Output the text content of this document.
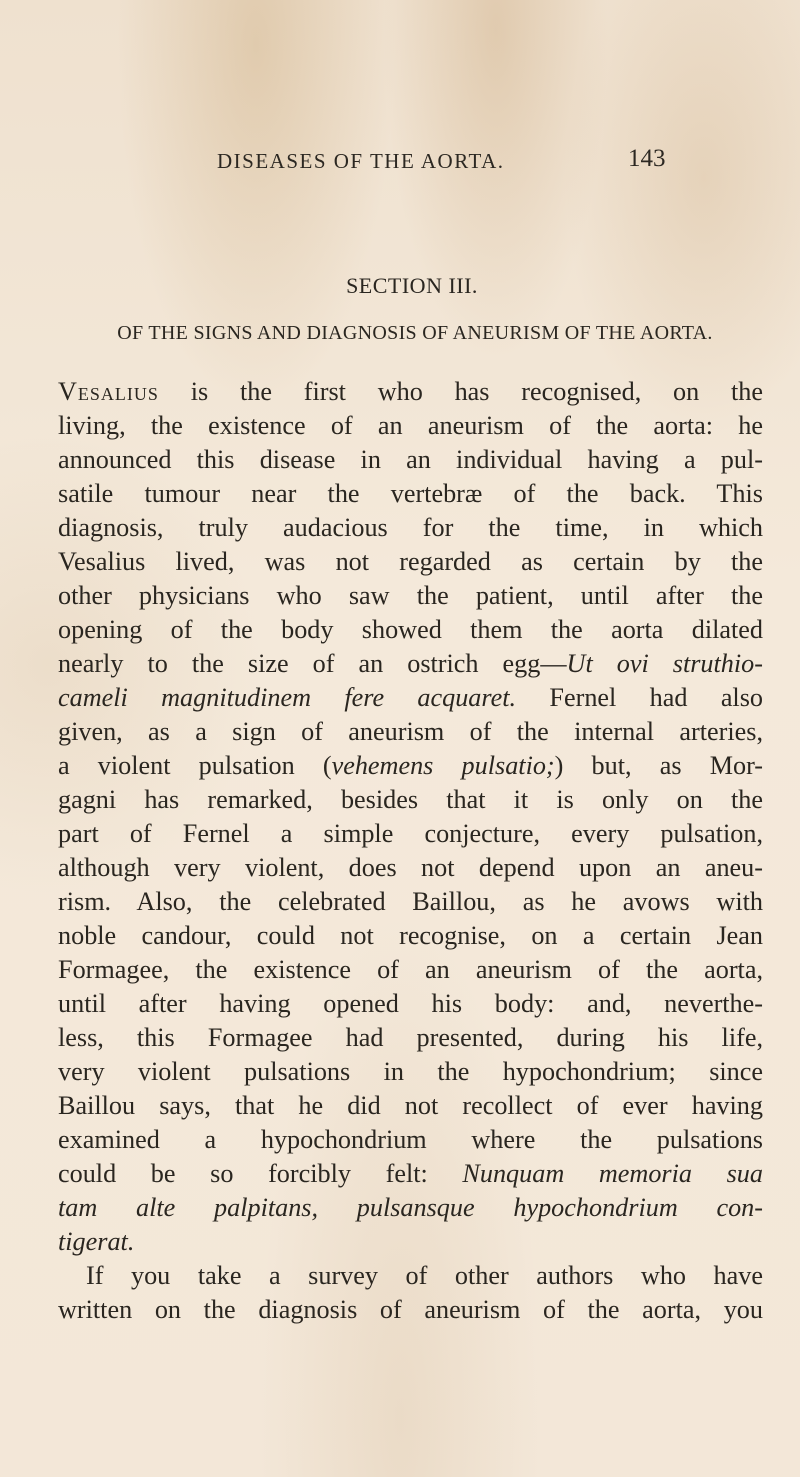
DISEASES OF THE AORTA.	143
SECTION III.
OF THE SIGNS AND DIAGNOSIS OF ANEURISM OF THE AORTA.
Vesalius is the first who has recognised, on the
living, the existence of an aneurism of the aorta: he
announced this disease in an individual having a pul-
satile tumour near the vertebræ of the back. This
diagnosis, truly audacious for the time, in which
Vesalius lived, was not regarded as certain by the
other physicians who saw the patient, until after the
opening of the body showed them the aorta dilated
nearly to the size of an ostrich egg—Ut ovi struthio-
cameli magnitudinem fere acquaret. Fernel had also
given, as a sign of aneurism of the internal arteries,
a violent pulsation (vehemens pulsatio;) but, as Mor-
gagni has remarked, besides that it is only on the
part of Fernel a simple conjecture, every pulsation,
although very violent, does not depend upon an aneu-
rism. Also, the celebrated Baillou, as he avows with
noble candour, could not recognise, on a certain Jean
Formagee, the existence of an aneurism of the aorta,
until after having opened his body: and, neverthe-
less, this Formagee had presented, during his life,
very violent pulsations in the hypochondrium; since
Baillou says, that he did not recollect of ever having
examined a hypochondrium where the pulsations
could be so forcibly felt: Nunquam memoria sua
tam alte palpitans, pulsansque hypochondrium con-
tigerat.
If you take a survey of other authors who have
written on the diagnosis of aneurism of the aorta, you
